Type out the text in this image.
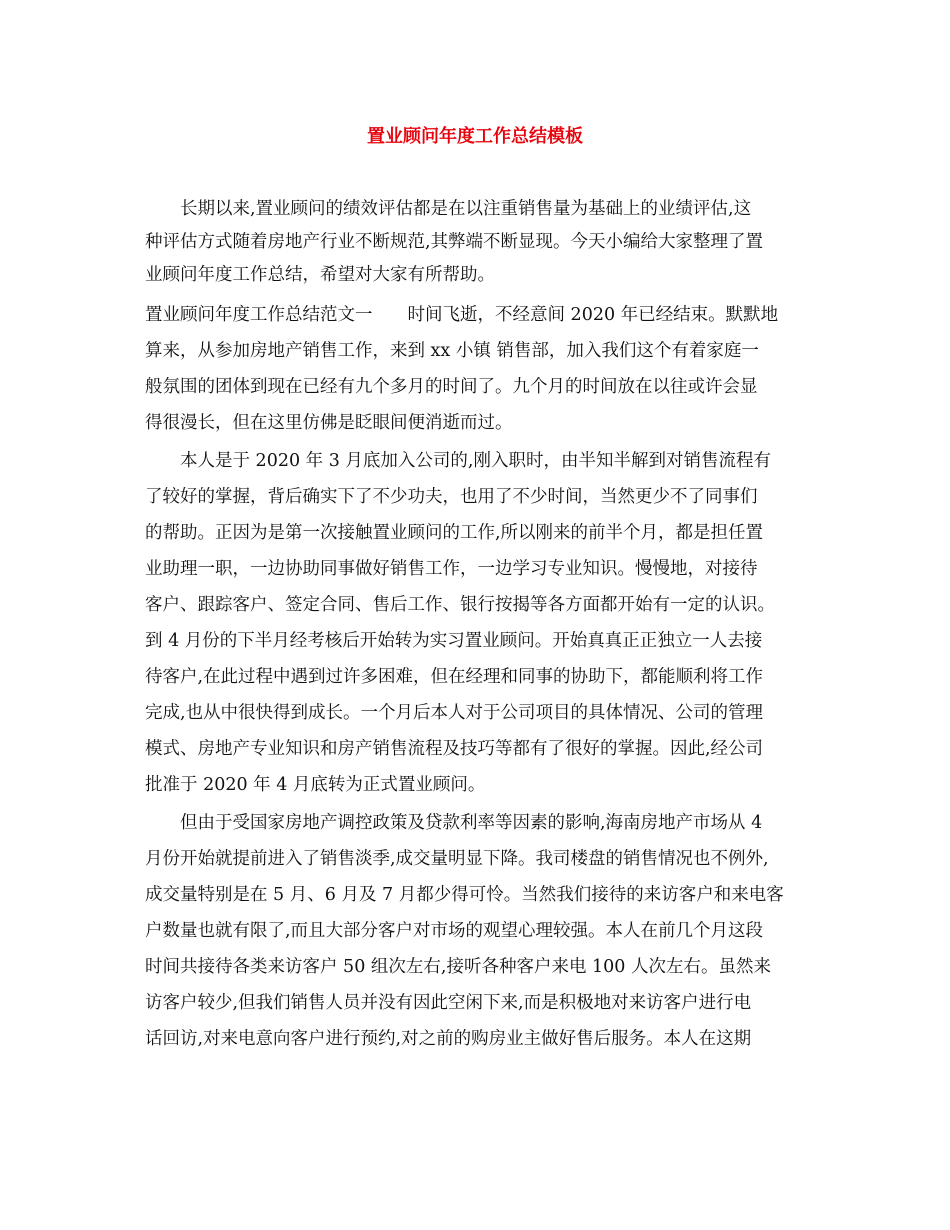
置业顾问年度工作总结模板

长期以来,置业顾问的绩效评估都是在以注重销售量为基础上的业绩评估,这

种评估方式随着房地产行业不断规范,其弊端不断显现。今天小编给大家整理了置

业顾问年度工作总结，希望对大家有所帮助。

置业顾问年度工作总结范文一　　时间飞逝，不经意间 2020 年已经结束。默默地

算来，从参加房地产销售工作，来到 xx 小镇 销售部，加入我们这个有着家庭一

般氛围的团体到现在已经有九个多月的时间了。九个月的时间放在以往或许会显

得很漫长，但在这里仿佛是眨眼间便消逝而过。

本人是于 2020 年 3 月底加入公司的,刚入职时，由半知半解到对销售流程有

了较好的掌握，背后确实下了不少功夫，也用了不少时间，当然更少不了同事们

的帮助。正因为是第一次接触置业顾问的工作,所以刚来的前半个月，都是担任置

业助理一职，一边协助同事做好销售工作，一边学习专业知识。慢慢地，对接待

客户、跟踪客户、签定合同、售后工作、银行按揭等各方面都开始有一定的认识。

到 4 月份的下半月经考核后开始转为实习置业顾问。开始真真正正独立一人去接

待客户,在此过程中遇到过许多困难，但在经理和同事的协助下，都能顺利将工作

完成,也从中很快得到成长。一个月后本人对于公司项目的具体情况、公司的管理

模式、房地产专业知识和房产销售流程及技巧等都有了很好的掌握。因此,经公司

批准于 2020 年 4 月底转为正式置业顾问。

但由于受国家房地产调控政策及贷款利率等因素的影响,海南房地产市场从 4

月份开始就提前进入了销售淡季,成交量明显下降。我司楼盘的销售情况也不例外,

成交量特别是在 5 月、6 月及 7 月都少得可怜。当然我们接待的来访客户和来电客

户数量也就有限了,而且大部分客户对市场的观望心理较强。本人在前几个月这段

时间共接待各类来访客户 50 组次左右,接听各种客户来电 100 人次左右。虽然来

访客户较少,但我们销售人员并没有因此空闲下来,而是积极地对来访客户进行电

话回访,对来电意向客户进行预约,对之前的购房业主做好售后服务。本人在这期
